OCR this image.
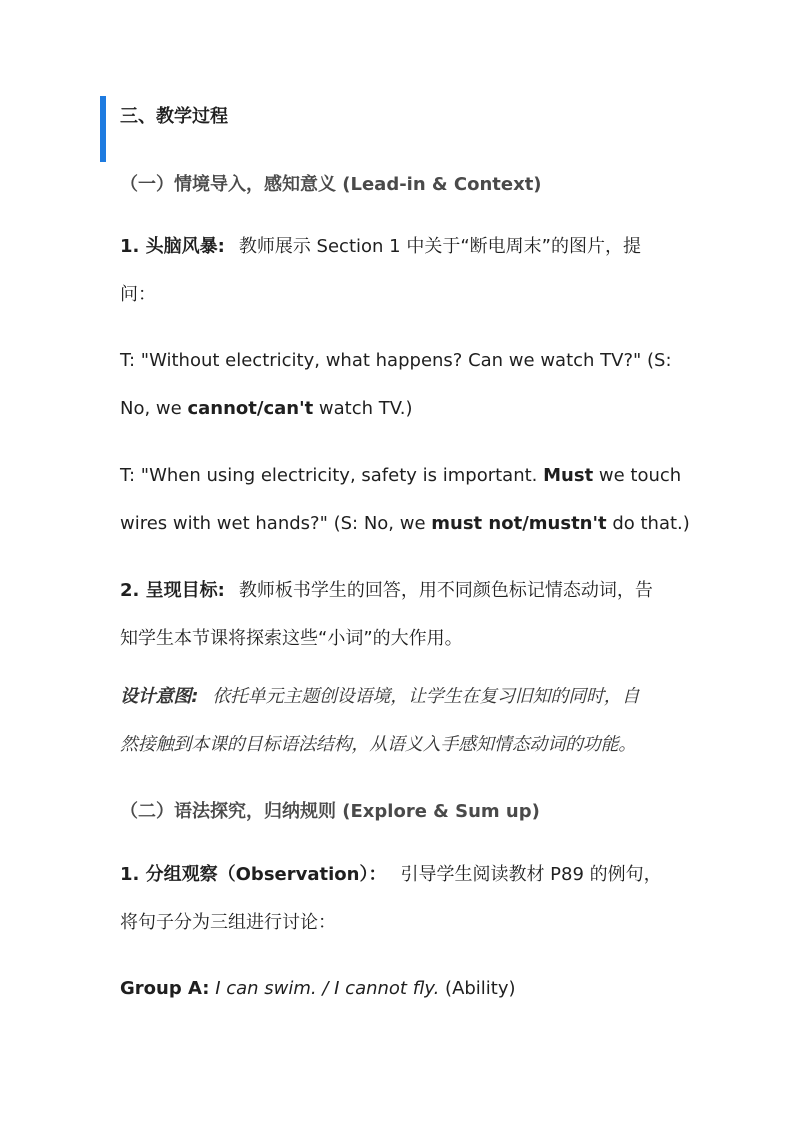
三、教学过程
（一）情境导入，感知意义 (Lead-in & Context)
1. 头脑风暴: 教师展示 Section 1 中关于“断电周末”的图片，提
问：
T: "Without electricity, what happens? Can we watch TV?" (S:
No, we cannot/can't watch TV.)
T: "When using electricity, safety is important. Must we touch
wires with wet hands?" (S: No, we must not/mustn't do that.)
2. 呈现目标: 教师板书学生的回答，用不同颜色标记情态动词，告
知学生本节课将探索这些“小词”的大作用。
设计意图: 依托单元主题创设语境，让学生在复习旧知的同时，自
然接触到本课的目标语法结构，从语义入手感知情态动词的功能。
（二）语法探究，归纳规则 (Explore & Sum up)
1. 分组观察（Observation）： 引导学生阅读教材 P89 的例句，
将句子分为三组进行讨论：
Group A: I can swim. / I cannot fly. (Ability)
